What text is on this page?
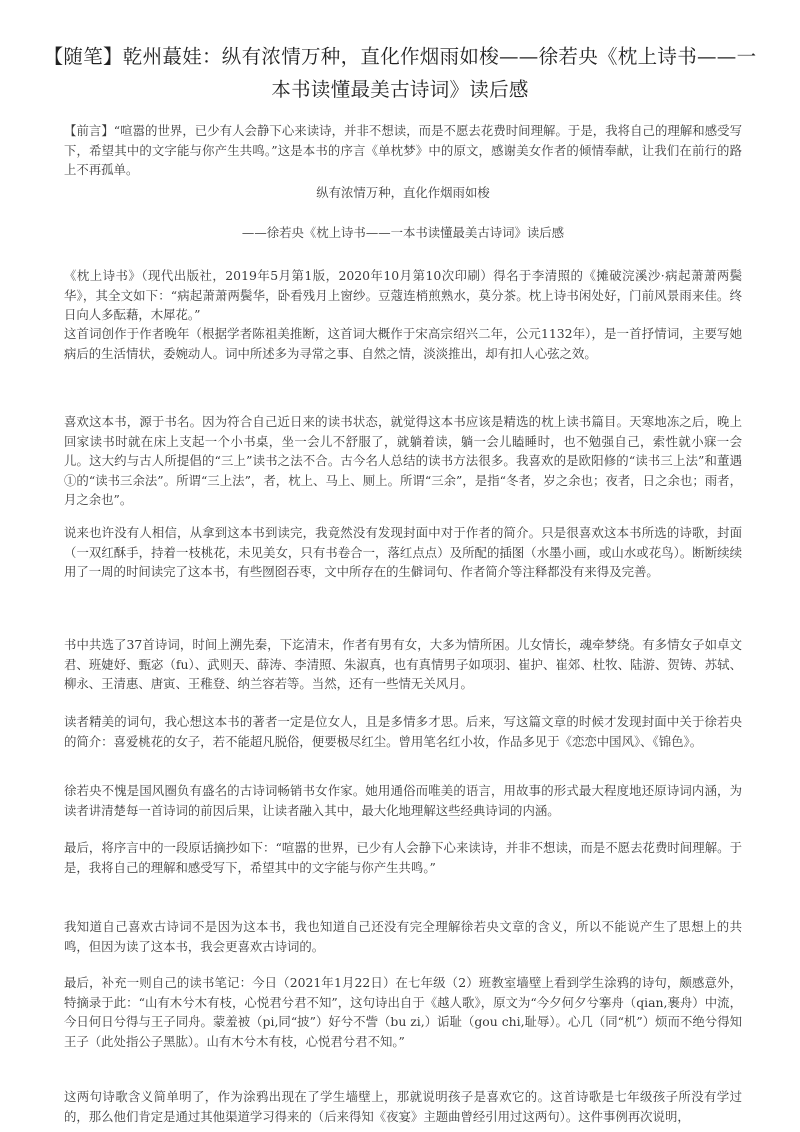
【随笔】乾州蕞娃：纵有浓情万种，直化作烟雨如梭——徐若央《枕上诗书——一本书读懂最美古诗词》读后感

【前言】“喧嚣的世界，已少有人会静下心来读诗，并非不想读，而是不愿去花费时间理解。于是，我将自己的理解和感受写下，希望其中的文字能与你产生共鸣。”这是本书的序言《单枕梦》中的原文，感谢美女作者的倾情奉献，让我们在前行的路上不再孤单。

纵有浓情万种，直化作烟雨如梭

——徐若央《枕上诗书——一本书读懂最美古诗词》读后感

《枕上诗书》（现代出版社，2019年5月第1版，2020年10月第10次印刷）得名于李清照的《摊破浣溪沙·病起萧萧两鬓华》，其全文如下：“病起萧萧两鬓华，卧看残月上窗纱。豆蔻连梢煎熟水，莫分茶。枕上诗书闲处好，门前风景雨来佳。终日向人多酝藉，木犀花。”

这首词创作于作者晚年（根据学者陈祖美推断，这首词大概作于宋高宗绍兴二年，公元1132年），是一首抒情词，主要写她病后的生活情状，委婉动人。词中所述多为寻常之事、自然之情，淡淡推出，却有扣人心弦之效。

喜欢这本书，源于书名。因为符合自己近日来的读书状态，就觉得这本书应该是精选的枕上读书篇目。天寒地冻之后，晚上回家读书时就在床上支起一个小书桌，坐一会儿不舒服了，就躺着读，躺一会儿瞌睡时，也不勉强自己，索性就小寐一会儿。这大约与古人所提倡的“三上”读书之法不合。古今名人总结的读书方法很多。我喜欢的是欧阳修的“读书三上法”和董遇①的“读书三余法”。所谓“三上法”，者，枕上、马上、厕上。所谓“三余”，是指“冬者，岁之余也；夜者，日之余也；雨者，月之余也”。

说来也许没有人相信，从拿到这本书到读完，我竟然没有发现封面中对于作者的简介。只是很喜欢这本书所选的诗歌，封面（一双红酥手，持着一枝桃花，未见美女，只有书卷合一，落红点点）及所配的插图（水墨小画，或山水或花鸟）。断断续续用了一周的时间读完了这本书，有些囫囵吞枣，文中所存在的生僻词句、作者简介等注释都没有来得及完善。

书中共选了37首诗词，时间上溯先秦，下迄清末，作者有男有女，大多为情所困。儿女情长，魂牵梦绕。有多情女子如卓文君、班婕妤、甄宓（fu）、武则天、薛涛、李清照、朱淑真，也有真情男子如项羽、崔护、崔郊、杜牧、陆游、贺铸、苏轼、柳永、王清惠、唐寅、王稚登、纳兰容若等。当然，还有一些情无关风月。

读者精美的词句，我心想这本书的著者一定是位女人，且是多情多才思。后来，写这篇文章的时候才发现封面中关于徐若央的简介：喜爱桃花的女子，若不能超凡脱俗，便要极尽红尘。曾用笔名红小妆，作品多见于《恋恋中国风》、《锦色》。

徐若央不愧是国风圈负有盛名的古诗词畅销书女作家。她用通俗而唯美的语言，用故事的形式最大程度地还原诗词内涵，为读者讲清楚每一首诗词的前因后果，让读者融入其中，最大化地理解这些经典诗词的内涵。

最后，将序言中的一段原话摘抄如下：“喧嚣的世界，已少有人会静下心来读诗，并非不想读，而是不愿去花费时间理解。于是，我将自己的理解和感受写下，希望其中的文字能与你产生共鸣。”

我知道自己喜欢古诗词不是因为这本书，我也知道自己还没有完全理解徐若央文章的含义，所以不能说产生了思想上的共鸣，但因为读了这本书，我会更喜欢古诗词的。

最后，补充一则自己的读书笔记：今日（2021年1月22日）在七年级（2）班教室墙壁上看到学生涂鸦的诗句，颇感意外，特摘录于此：“山有木兮木有枝，心悦君兮君不知”，这句诗出自于《越人歌》，原文为“今夕何夕兮搴舟（qian,裹舟）中流，今日何日兮得与王子同舟。蒙羞被（pi,同“披”）好兮不訾（bu zi,）诟耻（gou chi,耻辱）。心几（同“机”）烦而不绝兮得知王子（此处指公子黑肱）。山有木兮木有枝，心悦君兮君不知。”

这两句诗歌含义简单明了，作为涂鸦出现在了学生墙壁上，那就说明孩子是喜欢它的。这首诗歌是七年级孩子所没有学过的，那么他们肯定是通过其他渠道学习得来的（后来得知《夜宴》主题曲曾经引用过这两句）。这件事例再次说明，
